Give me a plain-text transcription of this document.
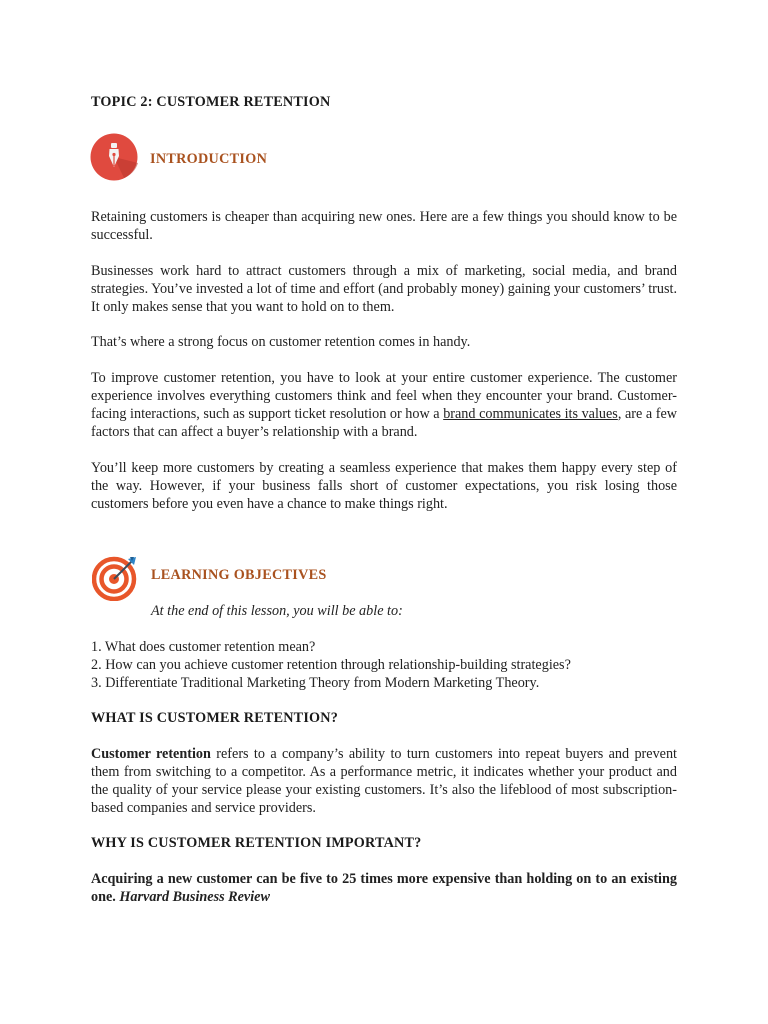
TOPIC 2: CUSTOMER RETENTION
INTRODUCTION
Retaining customers is cheaper than acquiring new ones. Here are a few things you should know to be successful.
Businesses work hard to attract customers through a mix of marketing, social media, and brand strategies. You’ve invested a lot of time and effort (and probably money) gaining your customers’ trust. It only makes sense that you want to hold on to them.
That’s where a strong focus on customer retention comes in handy.
To improve customer retention, you have to look at your entire customer experience. The customer experience involves everything customers think and feel when they encounter your brand. Customer-facing interactions, such as support ticket resolution or how a brand communicates its values, are a few factors that can affect a buyer’s relationship with a brand.
You’ll keep more customers by creating a seamless experience that makes them happy every step of the way. However, if your business falls short of customer expectations, you risk losing those customers before you even have a chance to make things right.
LEARNING OBJECTIVES
At the end of this lesson, you will be able to:
1. What does customer retention mean?
2. How can you achieve customer retention through relationship-building strategies?
3. Differentiate Traditional Marketing Theory from Modern Marketing Theory.
WHAT IS CUSTOMER RETENTION?
Customer retention refers to a company’s ability to turn customers into repeat buyers and prevent them from switching to a competitor. As a performance metric, it indicates whether your product and the quality of your service please your existing customers. It’s also the lifeblood of most subscription-based companies and service providers.
WHY IS CUSTOMER RETENTION IMPORTANT?
Acquiring a new customer can be five to 25 times more expensive than holding on to an existing one. Harvard Business Review
